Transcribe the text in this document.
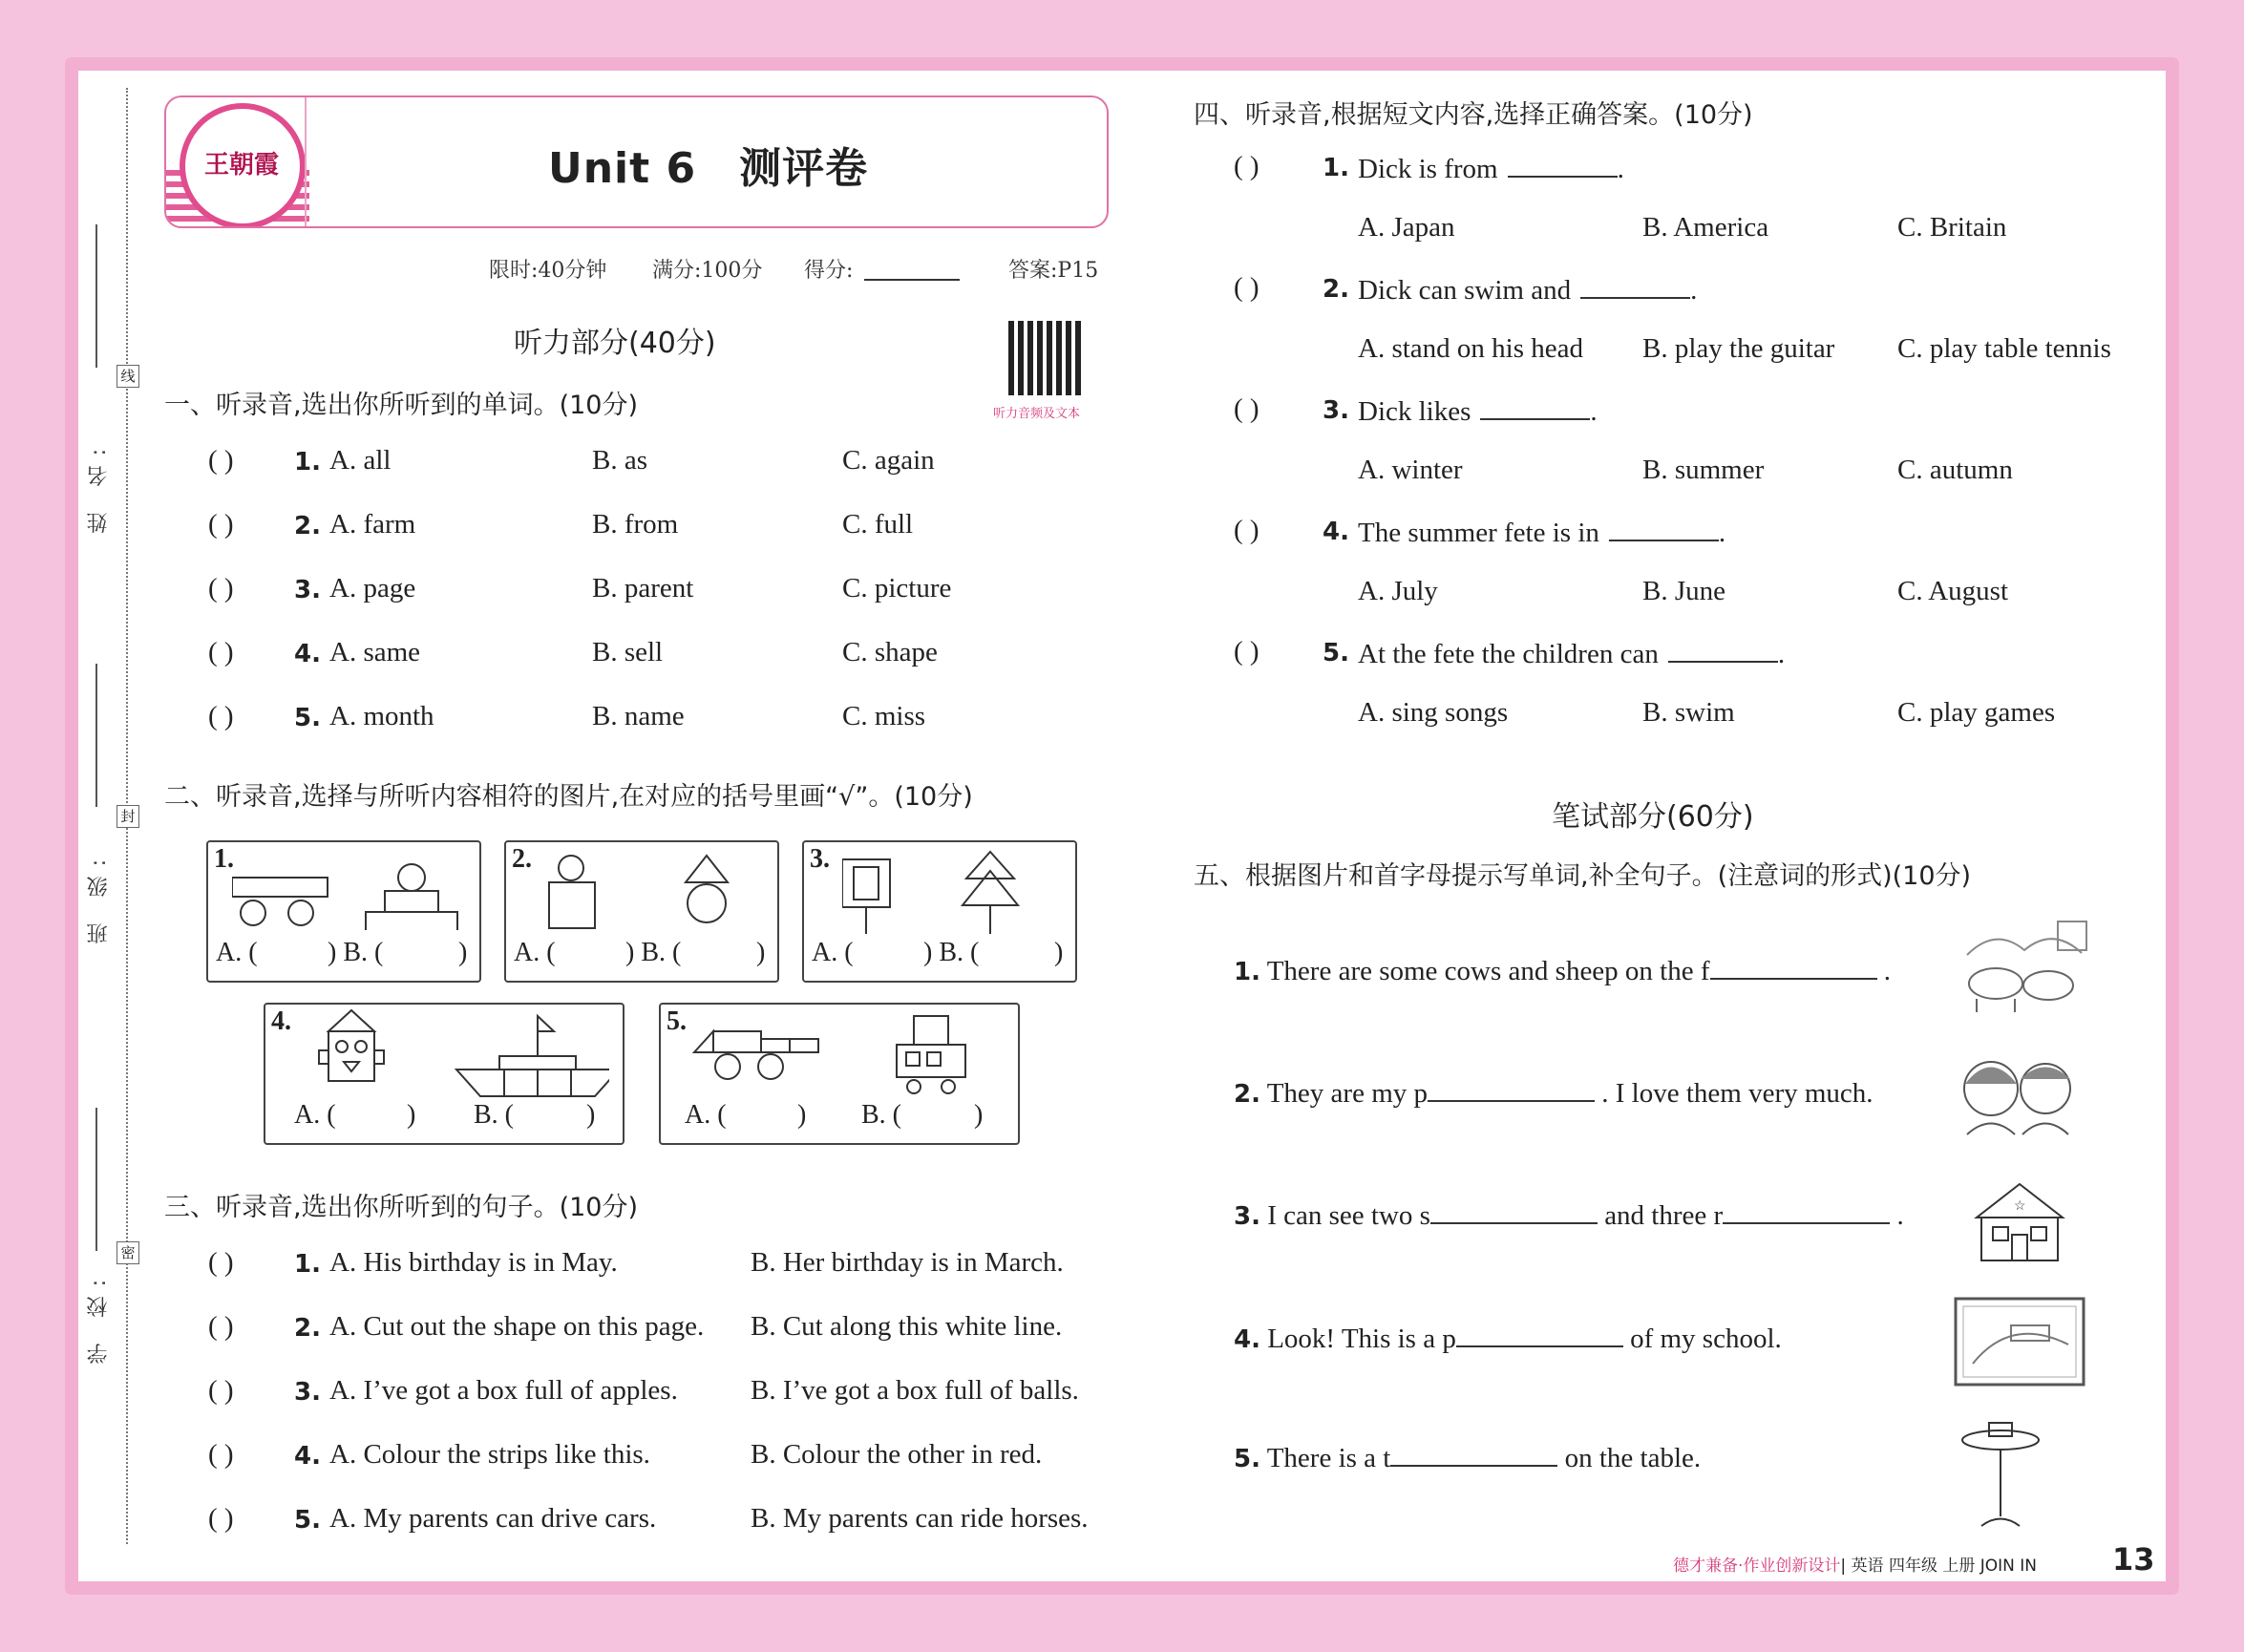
姓 名:
线
班 级:
封
学 校:
密
王朝霞	Unit 6　测评卷
限时:40分钟 满分:100分 得分:	答案:P15
听力部分(40分)
听力音频及文本
一、听录音,选出你所听到的单词。(10分)
( ) 1. A. all	B. as	C. again
( ) 2. A. farm	B. from	C. full
( ) 3. A. page	B. parent	C. picture
( ) 4. A. same	B. sell	C. shape
( ) 5. A. month	B. name	C. miss
二、听录音,选择与所听内容相符的图片,在对应的括号里画“√”。(10分)
1.
A. (	) B. (	)
2.
A. (	) B. (	)
3.
A. (	) B. (	)
4.
A. (	) B. (	)
5.
A. (	) B. (	)
三、听录音,选出你所听到的句子。(10分)
( ) 1. A. His birthday is in May.	B. Her birthday is in March.
( ) 2. A. Cut out the shape on this page. B. Cut along this white line.
( ) 3. A. I’ve got a box full of apples.	B. I’ve got a box full of balls.
( ) 4. A. Colour the strips like this.	B. Colour the other in red.
( ) 5. A. My parents can drive cars.	B. My parents can ride horses.
四、听录音,根据短文内容,选择正确答案。(10分)
( )	1. Dick is from	.
A. Japan	B. America	C. Britain
( )	2. Dick can swim and	.
A. stand on his head B. play the guitar C. play table tennis
( )	3. Dick likes	.
A. winter	B. summer	C. autumn
( )	4. The summer fete is in	.
A. July	B. June	C. August
( )	5. At the fete the children can	.
A. sing songs	B. swim	C. play games
笔试部分(60分)
五、根据图片和首字母提示写单词,补全句子。(注意词的形式)(10分)
1. There are some cows and sheep on the f	.
2. They are my p	. I love them very much.
3. I can see two s	and three r	.
4. Look! This is a p	of my school.
5. There is a t	on the table.
☆
德才兼备·作业创新设计| 英语 四年级 上册 JOIN IN 13
